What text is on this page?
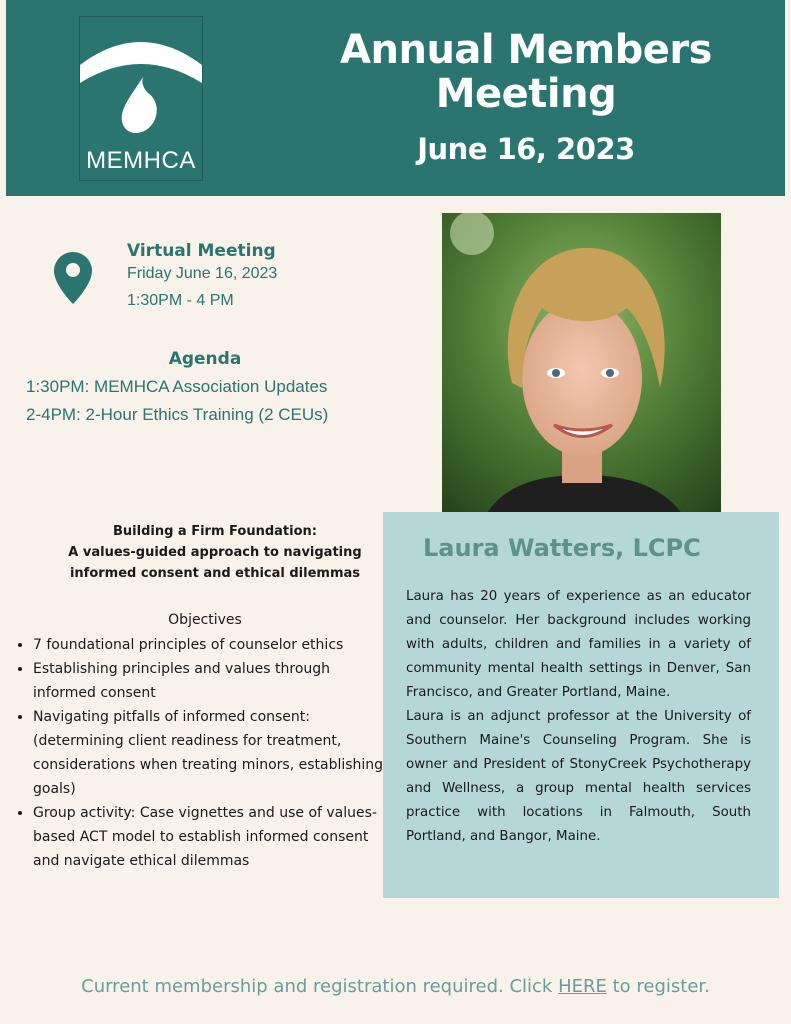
MEMHCA
Annual Members
Meeting
June 16, 2023
Virtual Meeting
Friday June 16, 2023
1:30PM - 4 PM
Agenda
1:30PM: MEMHCA Association Updates
2-4PM: 2-Hour Ethics Training (2 CEUs)
Building a Firm Foundation:
A values-guided approach to navigating
informed consent and ethical dilemmas
Objectives
• 7 foundational principles of counselor ethics
• Establishing principles and values through informed consent
• Navigating pitfalls of informed consent: (determining client readiness for treatment, considerations when treating minors, establishing goals)
• Group activity: Case vignettes and use of values-based ACT model to establish informed consent and navigate ethical dilemmas
Laura Watters, LCPC

Laura has 20 years of experience as an educator and counselor. Her background includes working with adults, children and families in a variety of community mental health settings in Denver, San Francisco, and Greater Portland, Maine.

Laura is an adjunct professor at the University of Southern Maine's Counseling Program. She is owner and President of StonyCreek Psychotherapy and Wellness, a group mental health services practice with locations in Falmouth, South Portland, and Bangor, Maine.

Current membership and registration required. Click HERE to register.
